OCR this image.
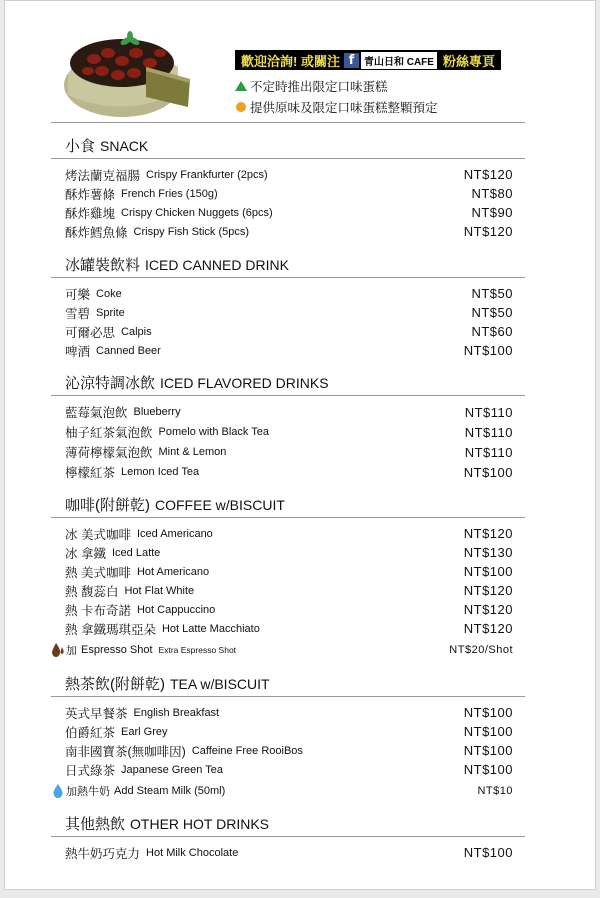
歡迎洽詢! 或關注 f 青山日和 CAFE 粉絲專頁
不定時推出限定口味蛋糕
提供原味及限定口味蛋糕整顆預定
小食 SNACK
烤法蘭克福腸 Crispy Frankfurter (2pcs)	NT$120
酥炸薯條 French Fries (150g)	NT$80
酥炸雞塊 Crispy Chicken Nuggets (6pcs)	NT$90
酥炸鱈魚條 Crispy Fish Stick (5pcs)	NT$120
冰罐裝飲料 ICED CANNED DRINK
可樂 Coke	NT$50
雪碧 Sprite	NT$50
可爾必思 Calpis	NT$60
啤酒 Canned Beer	NT$100
沁涼特調冰飲 ICED FLAVORED DRINKS
藍莓氣泡飲 Blueberry	NT$110
柚子紅茶氣泡飲 Pomelo with Black Tea	NT$110
薄荷檸檬氣泡飲 Mint & Lemon	NT$110
檸檬紅茶 Lemon Iced Tea	NT$100
咖啡(附餅乾) COFFEE w/BISCUIT
冰 美式咖啡 Iced Americano	NT$120
冰 拿鐵 Iced Latte	NT$130
熱 美式咖啡 Hot Americano	NT$100
熱 馥蕊白 Hot Flat White	NT$120
熱 卡布奇諾 Hot Cappuccino	NT$120
熱 拿鐵瑪琪亞朵 Hot Latte Macchiato	NT$120
加 Espresso Shot Extra Espresso Shot	NT$20/Shot
熱茶飲(附餅乾) TEA w/BISCUIT
英式早餐茶 English Breakfast	NT$100
伯爵紅茶 Earl Grey	NT$100
南非國寶茶(無咖啡因) Caffeine Free RooiBos	NT$100
日式綠茶 Japanese Green Tea	NT$100
加熱牛奶 Add Steam Milk (50ml)	NT$10
其他熱飲 OTHER HOT DRINKS
熱牛奶巧克力 Hot Milk Chocolate	NT$100
